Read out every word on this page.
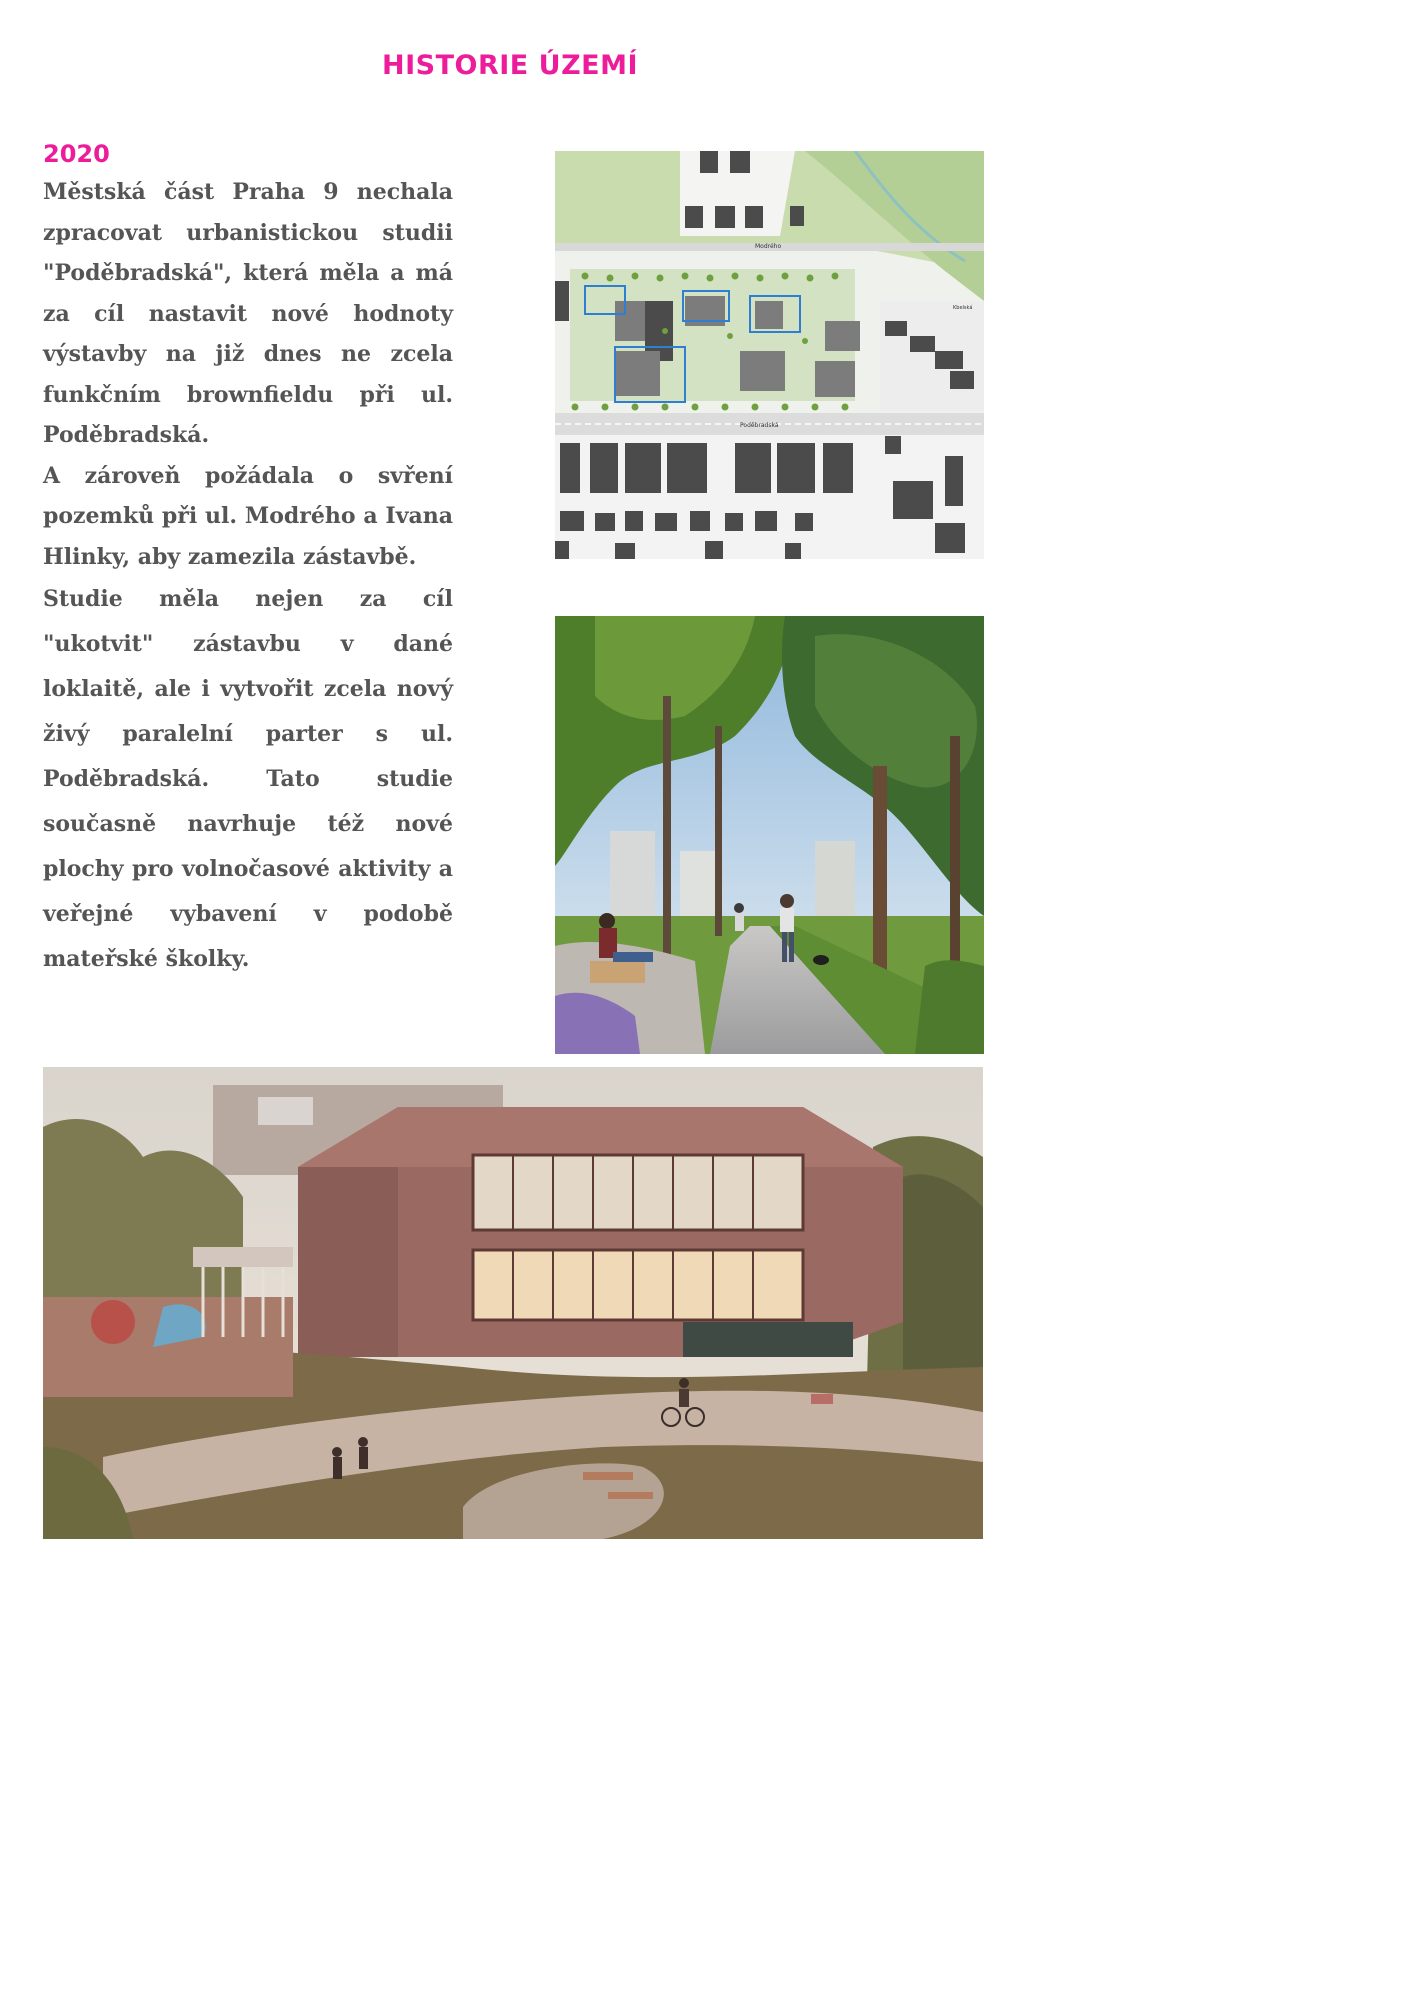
HISTORIE ÚZEMÍ
2020

Městská část Praha 9 nechala zpracovat urbanistickou studii "Poděbradská", která měla a má za cíl nastavit nové hodnoty výstavby na již dnes ne zcela funkčním brownfieldu při ul. Poděbradská.

A zároveň požádala o svření pozemků při ul. Modrého a Ivana Hlinky, aby zamezila zástavbě.

Studie měla nejen za cíl "ukotvit" zástavbu v dané loklaitě, ale i vytvořit zcela nový živý paralelní parter s ul. Poděbradská. Tato studie současně navrhuje též nové plochy pro volnočasové aktivity a veřejné vybavení v podobě mateřské školky.

Modrého
Poděbradská
Kbelská
